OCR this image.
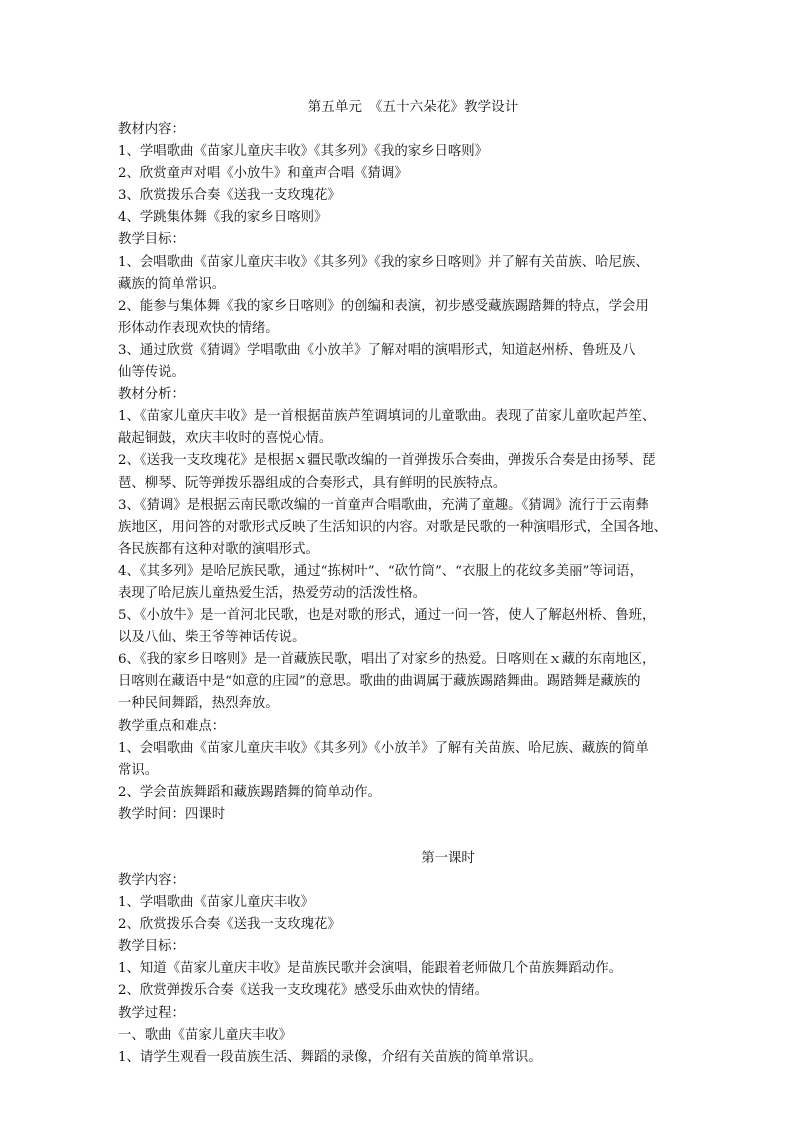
第五单元　《五十六朵花》教学设计
教材内容：
1、学唱歌曲《苗家儿童庆丰收》《其多列》《我的家乡日喀则》
2、欣赏童声对唱《小放牛》和童声合唱《猜调》
3、欣赏拨乐合奏《送我一支玫瑰花》
4、学跳集体舞《我的家乡日喀则》
教学目标：
1、会唱歌曲《苗家儿童庆丰收》《其多列》《我的家乡日喀则》并了解有关苗族、哈尼族、
藏族的简单常识。
2、能参与集体舞《我的家乡日喀则》的创编和表演，初步感受藏族踢踏舞的特点，学会用
形体动作表现欢快的情绪。
3、通过欣赏《猜调》学唱歌曲《小放羊》了解对唱的演唱形式，知道赵州桥、鲁班及八
仙等传说。
教材分析：
1、《苗家儿童庆丰收》是一首根据苗族芦笙调填词的儿童歌曲。表现了苗家儿童吹起芦笙、
敲起铜鼓，欢庆丰收时的喜悦心情。
2、《送我一支玫瑰花》是根据ｘ疆民歌改编的一首弹拨乐合奏曲，弹拨乐合奏是由扬琴、琵
琶、柳琴、阮等弹拨乐器组成的合奏形式，具有鲜明的民族特点。
3、《猜调》是根据云南民歌改编的一首童声合唱歌曲，充满了童趣。《猜调》流行于云南彝
族地区，用问答的对歌形式反映了生活知识的内容。对歌是民歌的一种演唱形式，全国各地、
各民族都有这种对歌的演唱形式。
4、《其多列》是哈尼族民歌，通过“拣树叶”、“砍竹筒”、“衣服上的花纹多美丽”等词语，
表现了哈尼族儿童热爱生活，热爱劳动的活泼性格。
5、《小放牛》是一首河北民歌，也是对歌的形式，通过一问一答，使人了解赵州桥、鲁班，
以及八仙、柴王爷等神话传说。
6、《我的家乡日喀则》是一首藏族民歌，唱出了对家乡的热爱。日喀则在ｘ藏的东南地区，
日喀则在藏语中是“如意的庄园”的意思。歌曲的曲调属于藏族踢踏舞曲。踢踏舞是藏族的
一种民间舞蹈，热烈奔放。
教学重点和难点：
1、会唱歌曲《苗家儿童庆丰收》《其多列》《小放羊》了解有关苗族、哈尼族、藏族的简单
常识。
2、学会苗族舞蹈和藏族踢踏舞的简单动作。
教学时间：四课时
第一课时
教学内容：
1、学唱歌曲《苗家儿童庆丰收》
2、欣赏拨乐合奏《送我一支玫瑰花》
教学目标：
1、知道《苗家儿童庆丰收》是苗族民歌并会演唱，能跟着老师做几个苗族舞蹈动作。
2、欣赏弹拨乐合奏《送我一支玫瑰花》感受乐曲欢快的情绪。
教学过程：
一、歌曲《苗家儿童庆丰收》
1、请学生观看一段苗族生活、舞蹈的录像，介绍有关苗族的简单常识。
